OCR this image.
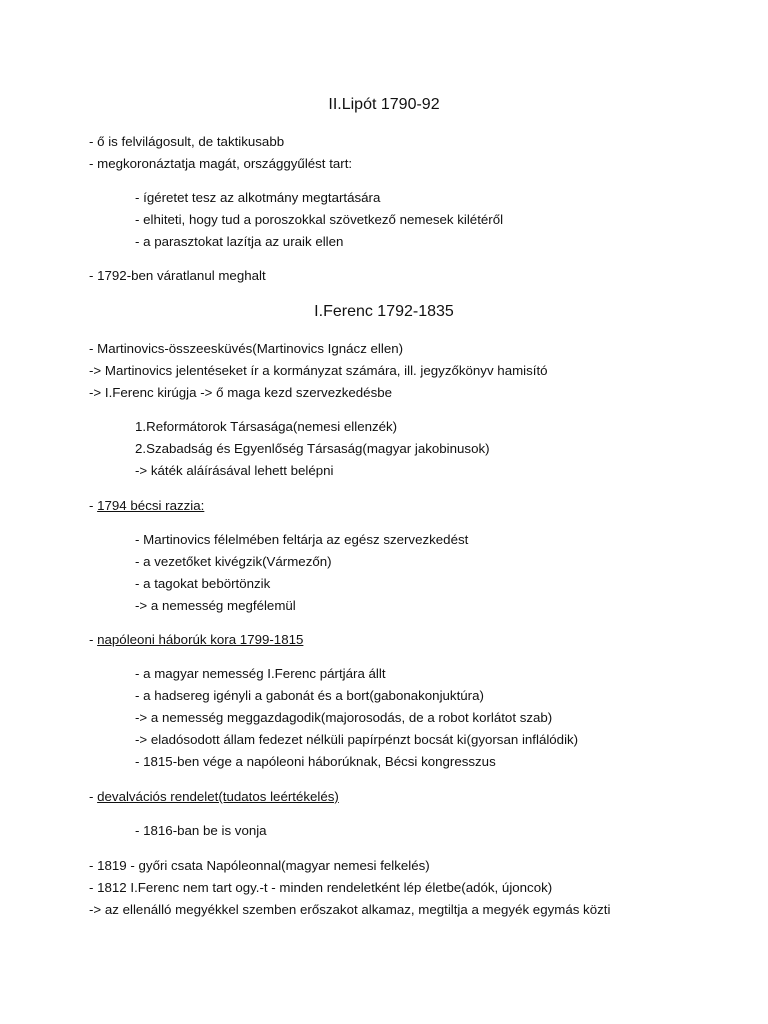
II.Lipót 1790-92
- ő is felvilágosult, de taktikusabb
- megkoronáztatja magát, országgyűlést tart:
- ígéretet tesz az alkotmány megtartására
- elhiteti, hogy tud a poroszokkal szövetkező nemesek kilétéről
- a parasztokat lazítja az uraik ellen
- 1792-ben váratlanul meghalt
I.Ferenc 1792-1835
- Martinovics-összeesküvés(Martinovics Ignácz ellen)
-> Martinovics jelentéseket ír a kormányzat számára, ill. jegyzőkönyv hamisító
-> I.Ferenc kirúgja -> ő maga kezd szervezkedésbe
1.Reformátorok Társasága(nemesi ellenzék)
2.Szabadság és Egyenlőség Társaság(magyar jakobinusok)
-> káték aláírásával lehett belépni
- 1794 bécsi razzia:
- Martinovics félelmében feltárja az egész szervezkedést
- a vezetőket kivégzik(Vármezőn)
- a tagokat bebörtönzik
-> a nemesség megfélemül
- napóleoni háborúk kora 1799-1815
- a magyar nemesség I.Ferenc pártjára állt
- a hadsereg igényli a gabonát és a bort(gabonakonjuktúra)
-> a nemesség meggazdagodik(majorosodás, de a robot korlátot szab)
-> eladósodott állam fedezet nélküli papírpénzt bocsát ki(gyorsan inflálódik)
- 1815-ben vége a napóleoni háborúknak, Bécsi kongresszus
- devalvációs rendelet(tudatos leértékelés)
- 1816-ban be is vonja
- 1819 - győri csata Napóleonnal(magyar nemesi felkelés)
- 1812 I.Ferenc nem tart ogy.-t - minden rendeletként lép életbe(adók, újoncok)
-> az ellenálló megyékkel szemben erőszakot alkamaz, megtiltja a megyék egymás közti
